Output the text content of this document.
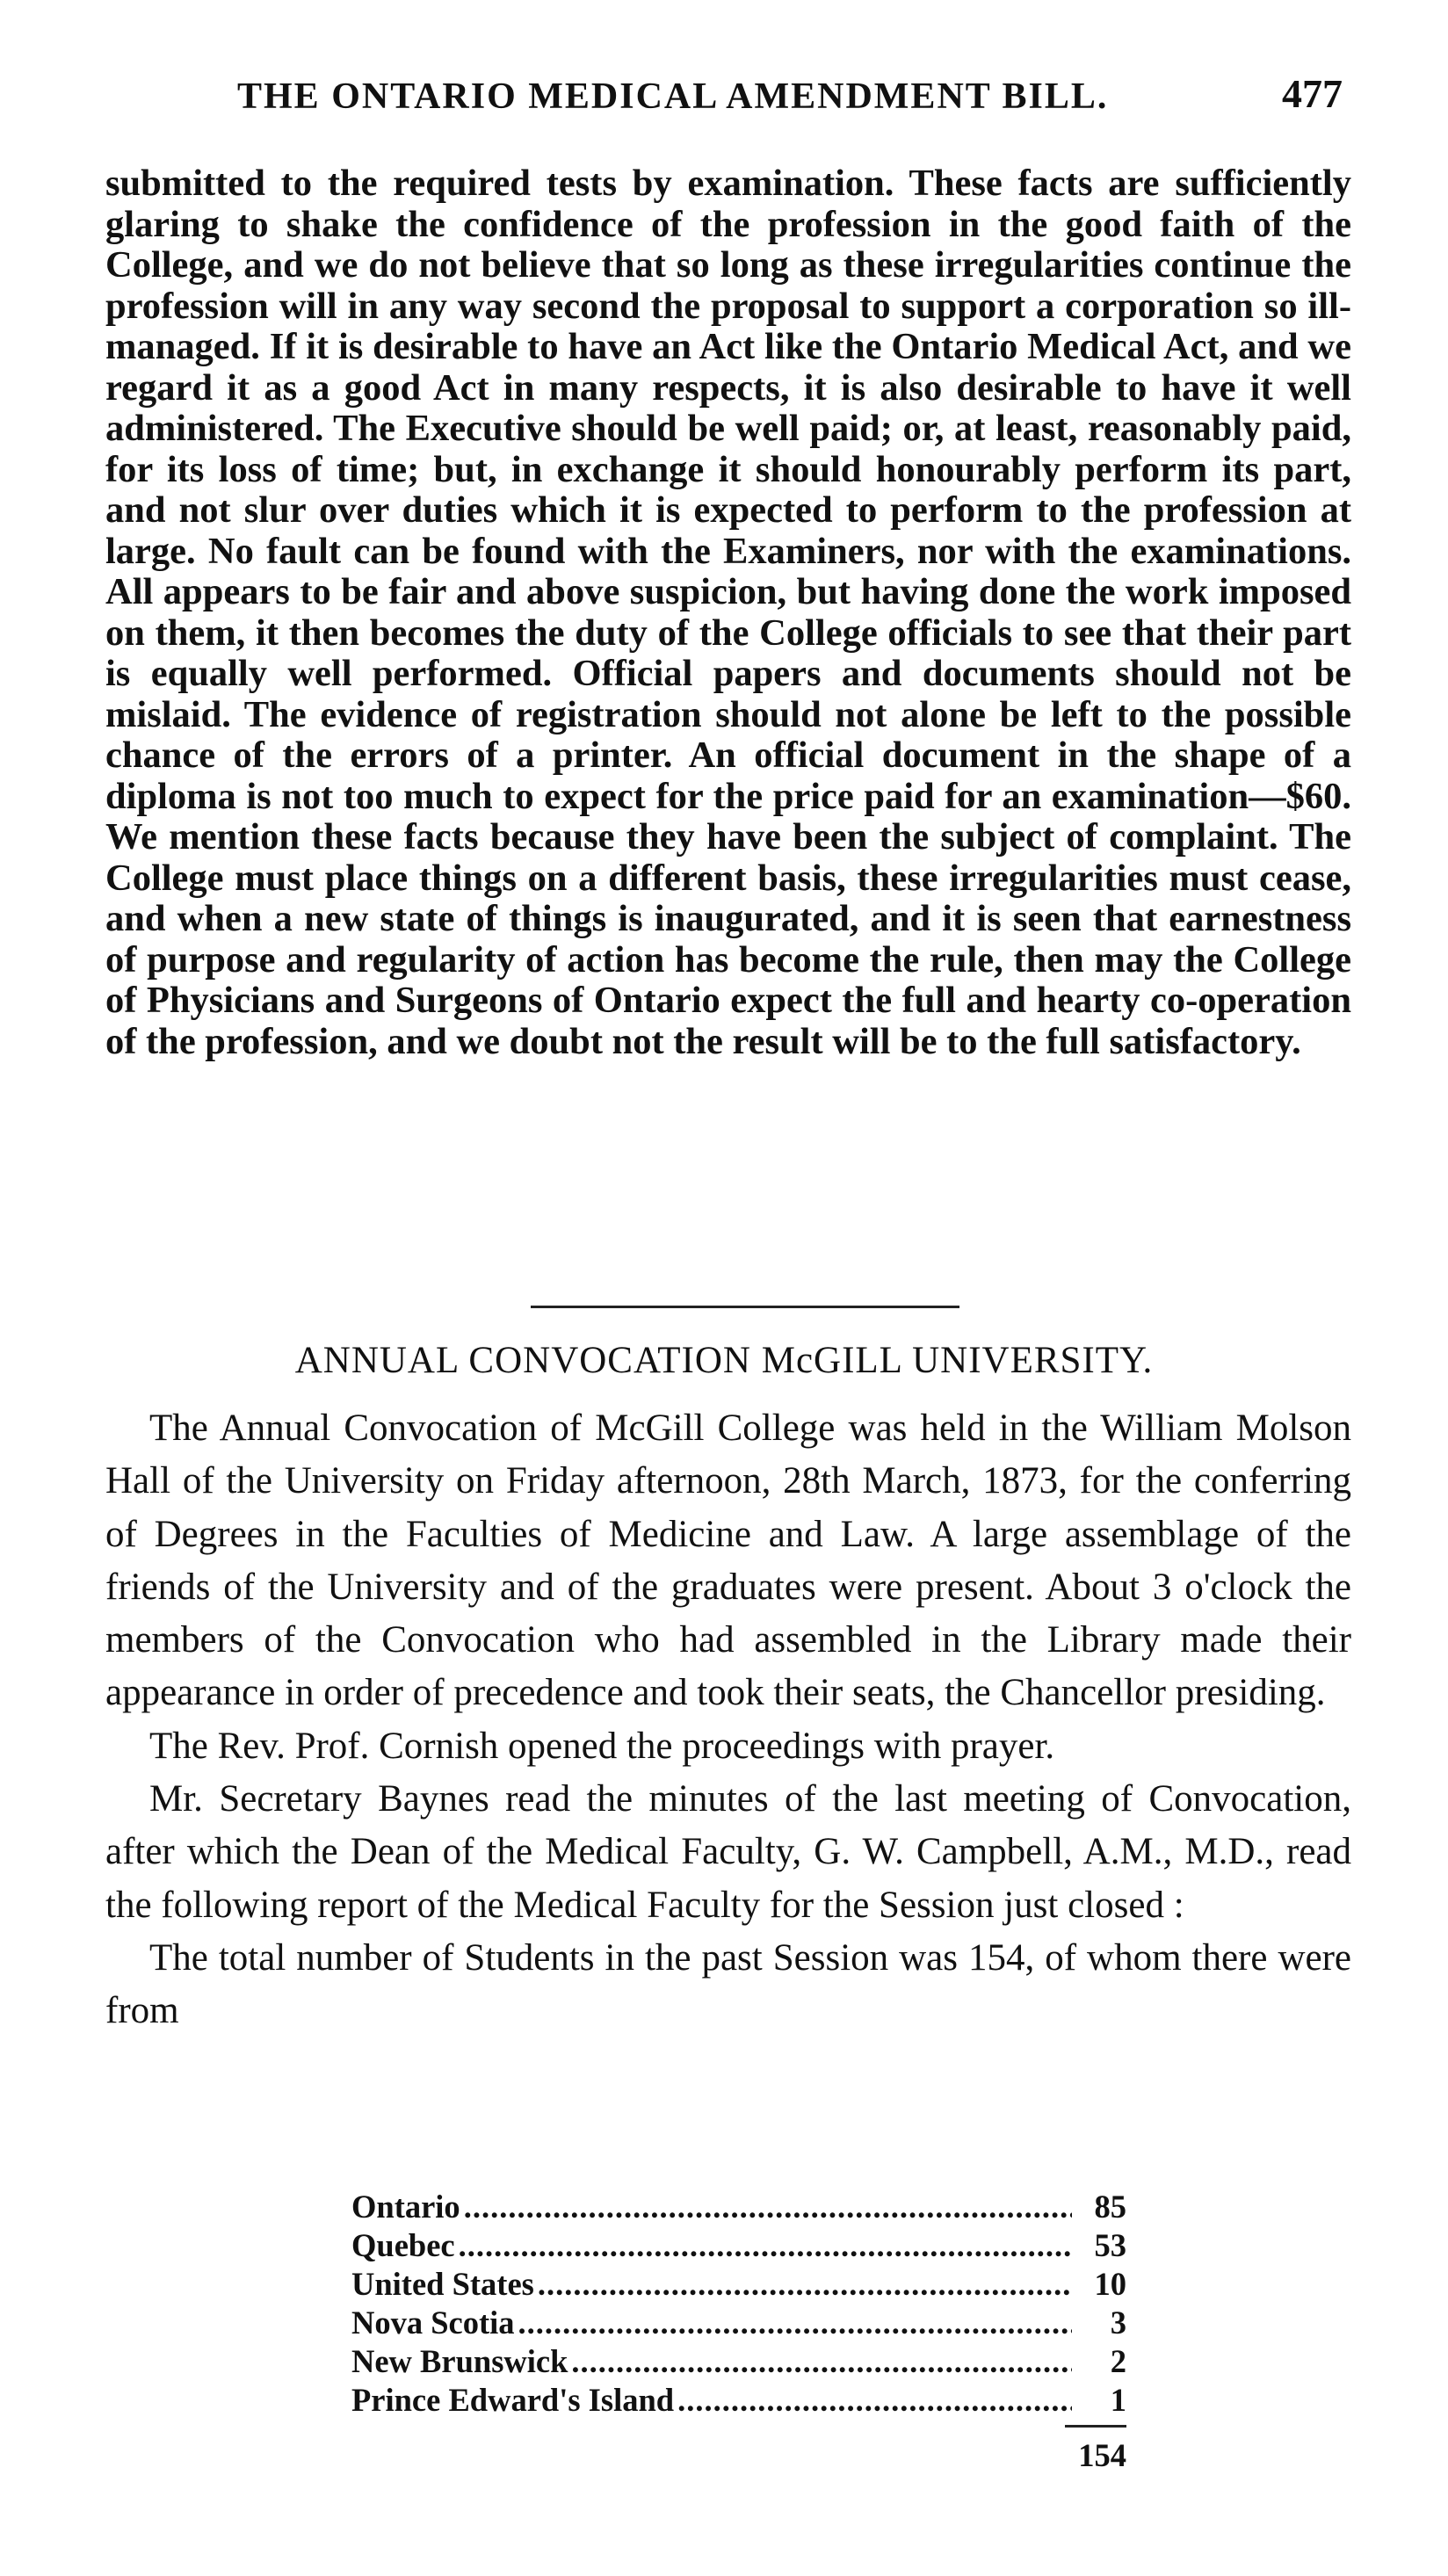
THE ONTARIO MEDICAL AMENDMENT BILL.	477
submitted to the required tests by examination. These facts are sufficiently glaring to shake the confidence of the profession in the good faith of the College, and we do not believe that so long as these irregularities continue the profession will in any way second the proposal to support a corporation so ill-managed. If it is desirable to have an Act like the Ontario Medical Act, and we regard it as a good Act in many respects, it is also desirable to have it well administered. The Executive should be well paid; or, at least, reasonably paid, for its loss of time; but, in exchange it should honourably perform its part, and not slur over duties which it is expected to perform to the profession at large. No fault can be found with the Examiners, nor with the examinations. All appears to be fair and above suspicion, but having done the work imposed on them, it then becomes the duty of the College officials to see that their part is equally well performed. Official papers and documents should not be mislaid. The evidence of registration should not alone be left to the possible chance of the errors of a printer. An official document in the shape of a diploma is not too much to expect for the price paid for an examination—$60. We mention these facts because they have been the subject of complaint. The College must place things on a different basis, these irregularities must cease, and when a new state of things is inaugurated, and it is seen that earnestness of purpose and regularity of action has become the rule, then may the College of Physicians and Surgeons of Ontario expect the full and hearty co-operation of the profession, and we doubt not the result will be to the full satisfactory.
ANNUAL CONVOCATION McGILL UNIVERSITY.

The Annual Convocation of McGill College was held in the William Molson Hall of the University on Friday afternoon, 28th March, 1873, for the conferring of Degrees in the Faculties of Medicine and Law. A large assemblage of the friends of the University and of the graduates were present. About 3 o'clock the members of the Convocation who had assembled in the Library made their appearance in order of precedence and took their seats, the Chancellor presiding.

The Rev. Prof. Cornish opened the proceedings with prayer.

Mr. Secretary Baynes read the minutes of the last meeting of Convocation, after which the Dean of the Medical Faculty, G. W. Campbell, A.M., M.D., read the following report of the Medical Faculty for the Session just closed :

The total number of Students in the past Session was 154, of whom there were from

Ontario .....	85
Quebec .....	53
United States .....	10
Nova Scotia .....	3
New Brunswick .....	2
Prince Edward's Island .....	1
154
